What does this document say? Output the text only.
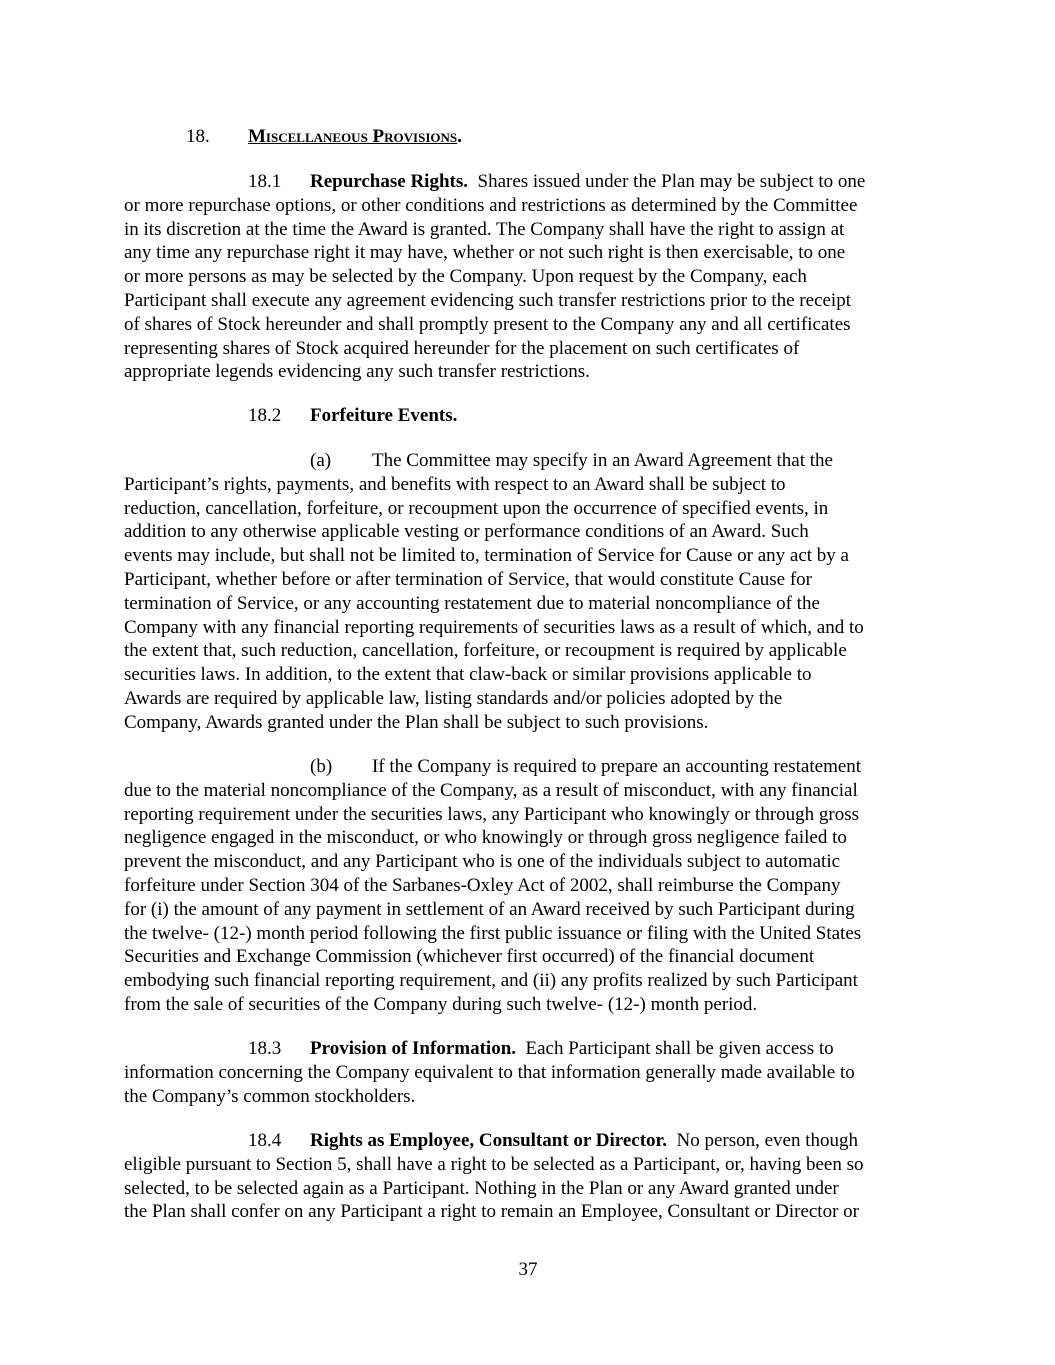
18. Miscellaneous Provisions.
18.1 Repurchase Rights. Shares issued under the Plan may be subject to one
or more repurchase options, or other conditions and restrictions as determined by the Committee
in its discretion at the time the Award is granted. The Company shall have the right to assign at
any time any repurchase right it may have, whether or not such right is then exercisable, to one
or more persons as may be selected by the Company. Upon request by the Company, each
Participant shall execute any agreement evidencing such transfer restrictions prior to the receipt
of shares of Stock hereunder and shall promptly present to the Company any and all certificates
representing shares of Stock acquired hereunder for the placement on such certificates of
appropriate legends evidencing any such transfer restrictions.
18.2 Forfeiture Events.
(a) The Committee may specify in an Award Agreement that the
Participant’s rights, payments, and benefits with respect to an Award shall be subject to
reduction, cancellation, forfeiture, or recoupment upon the occurrence of specified events, in
addition to any otherwise applicable vesting or performance conditions of an Award. Such
events may include, but shall not be limited to, termination of Service for Cause or any act by a
Participant, whether before or after termination of Service, that would constitute Cause for
termination of Service, or any accounting restatement due to material noncompliance of the
Company with any financial reporting requirements of securities laws as a result of which, and to
the extent that, such reduction, cancellation, forfeiture, or recoupment is required by applicable
securities laws. In addition, to the extent that claw-back or similar provisions applicable to
Awards are required by applicable law, listing standards and/or policies adopted by the
Company, Awards granted under the Plan shall be subject to such provisions.
(b) If the Company is required to prepare an accounting restatement
due to the material noncompliance of the Company, as a result of misconduct, with any financial
reporting requirement under the securities laws, any Participant who knowingly or through gross
negligence engaged in the misconduct, or who knowingly or through gross negligence failed to
prevent the misconduct, and any Participant who is one of the individuals subject to automatic
forfeiture under Section 304 of the Sarbanes-Oxley Act of 2002, shall reimburse the Company
for (i) the amount of any payment in settlement of an Award received by such Participant during
the twelve- (12-) month period following the first public issuance or filing with the United States
Securities and Exchange Commission (whichever first occurred) of the financial document
embodying such financial reporting requirement, and (ii) any profits realized by such Participant
from the sale of securities of the Company during such twelve- (12-) month period.
18.3 Provision of Information. Each Participant shall be given access to
information concerning the Company equivalent to that information generally made available to
the Company’s common stockholders.
18.4 Rights as Employee, Consultant or Director. No person, even though
eligible pursuant to Section 5, shall have a right to be selected as a Participant, or, having been so
selected, to be selected again as a Participant. Nothing in the Plan or any Award granted under
the Plan shall confer on any Participant a right to remain an Employee, Consultant or Director or
37
